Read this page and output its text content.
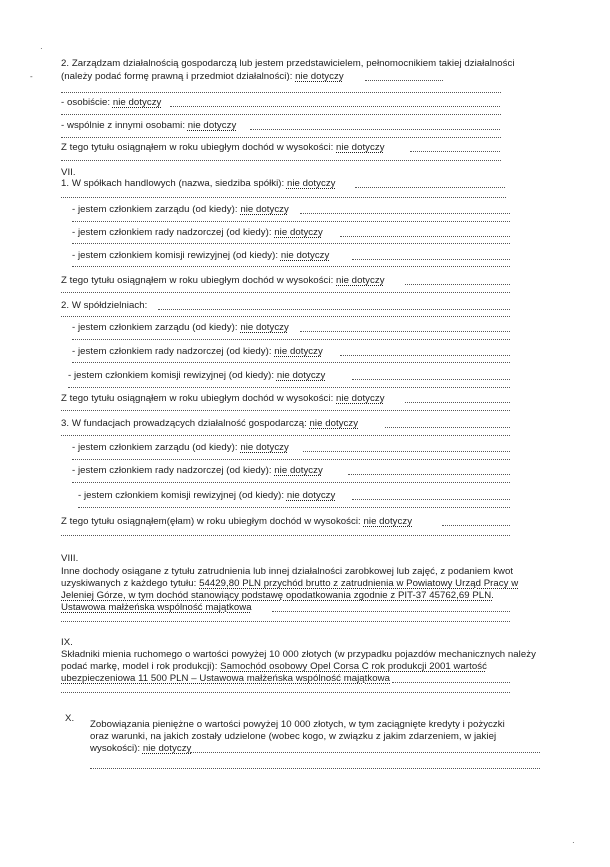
·
-
·
2. Zarządzam działalnością gospodarczą lub jestem przedstawicielem, pełnomocnikiem takiej działalności
(należy podać formę prawną i przedmiot działalności): nie dotyczy
- osobiście: nie dotyczy
- wspólnie z innymi osobami: nie dotyczy
Z tego tytułu osiągnąłem w roku ubiegłym dochód w wysokości: nie dotyczy
VII.
1. W spółkach handlowych (nazwa, siedziba spółki): nie dotyczy
- jestem członkiem zarządu (od kiedy): nie dotyczy
- jestem członkiem rady nadzorczej (od kiedy): nie dotyczy
- jestem członkiem komisji rewizyjnej (od kiedy): nie dotyczy
Z tego tytułu osiągnąłem w roku ubiegłym dochód w wysokości: nie dotyczy
2. W spółdzielniach:
- jestem członkiem zarządu (od kiedy): nie dotyczy
- jestem członkiem rady nadzorczej (od kiedy): nie dotyczy
- jestem członkiem komisji rewizyjnej (od kiedy): nie dotyczy
Z tego tytułu osiągnąłem w roku ubiegłym dochód w wysokości: nie dotyczy
3. W fundacjach prowadzących działalność gospodarczą: nie dotyczy
- jestem członkiem zarządu (od kiedy): nie dotyczy
- jestem członkiem rady nadzorczej (od kiedy): nie dotyczy
- jestem członkiem komisji rewizyjnej (od kiedy): nie dotyczy
Z tego tytułu osiągnąłem(ęłam) w roku ubiegłym dochód w wysokości: nie dotyczy
VIII.
Inne dochody osiągane z tytułu zatrudnienia lub innej działalności zarobkowej lub zajęć, z podaniem kwot
uzyskiwanych z każdego tytułu: 54429,80 PLN przychód brutto z zatrudnienia w Powiatowy Urząd Pracy w
Jeleniej Górze, w tym dochód stanowiący podstawę opodatkowania zgodnie z PIT-37 45762,69 PLN.
Ustawowa małżeńska wspólność majątkowa
IX.
Składniki mienia ruchomego o wartości powyżej 10 000 złotych (w przypadku pojazdów mechanicznych należy
podać markę, model i rok produkcji): Samochód osobowy Opel Corsa C rok produkcji 2001 wartość
ubezpieczeniowa 11 500 PLN – Ustawowa małżeńska wspólność majątkowa
X.
Zobowiązania pieniężne o wartości powyżej 10 000 złotych, w tym zaciągnięte kredyty i pożyczki
oraz warunki, na jakich zostały udzielone (wobec kogo, w związku z jakim zdarzeniem, w jakiej
wysokości): nie dotyczy
